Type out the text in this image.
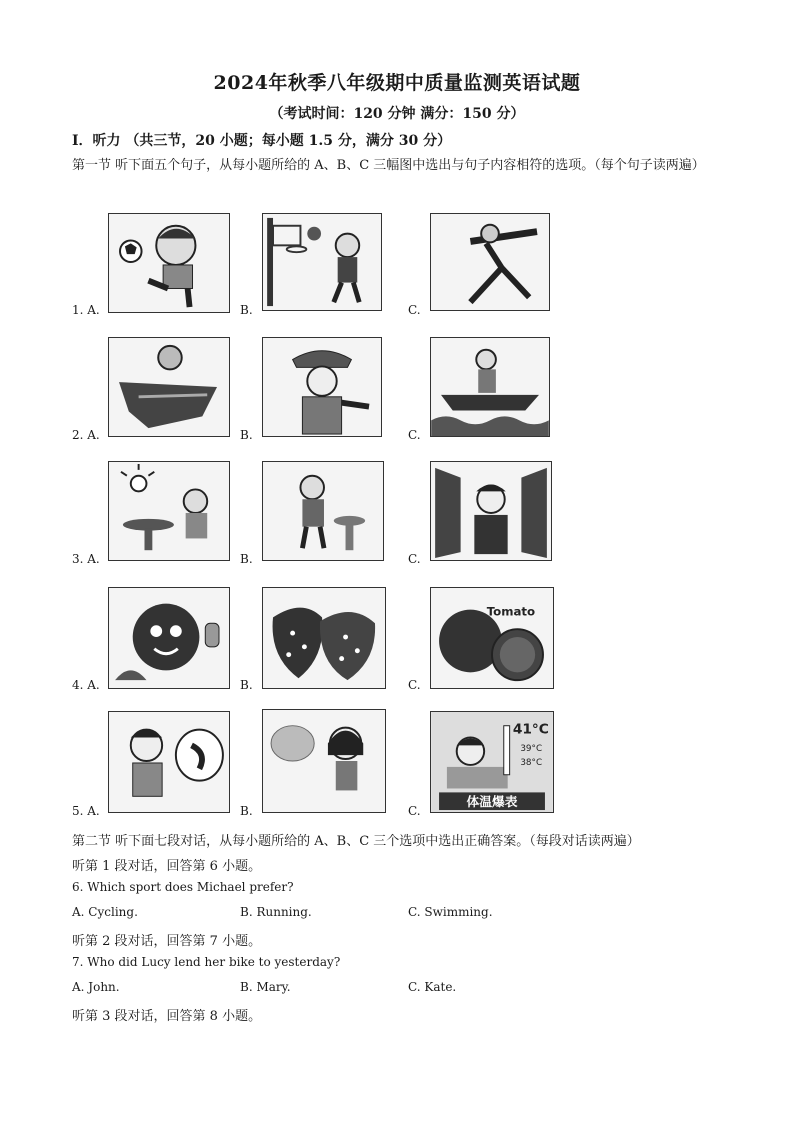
2024年秋季八年级期中质量监测英语试题
（考试时间：120 分钟 满分：150 分）
Ⅰ．听力 （共三节，20 小题；每小题 1.5 分，满分 30 分）
第一节 听下面五个句子，从每小题所给的 A、B、C 三幅图中选出与句子内容相符的选项。（每个句子读两遍）
1. A.	B.	C.
2. A.	B.	C.
3. A.	B.	C.
Tomato
4. A.	B.	C.
41°C
39°C
38°C
体温爆表
5. A.	B.	C.
第二节 听下面七段对话，从每小题所给的 A、B、C 三个选项中选出正确答案。（每段对话读两遍）
听第 1 段对话，回答第 6 小题。
6. Which sport does Michael prefer?
A. Cycling.	B. Running.	C. Swimming.
听第 2 段对话，回答第 7 小题。
7. Who did Lucy lend her bike to yesterday?
A. John.	B. Mary.	C. Kate.
听第 3 段对话，回答第 8 小题。
